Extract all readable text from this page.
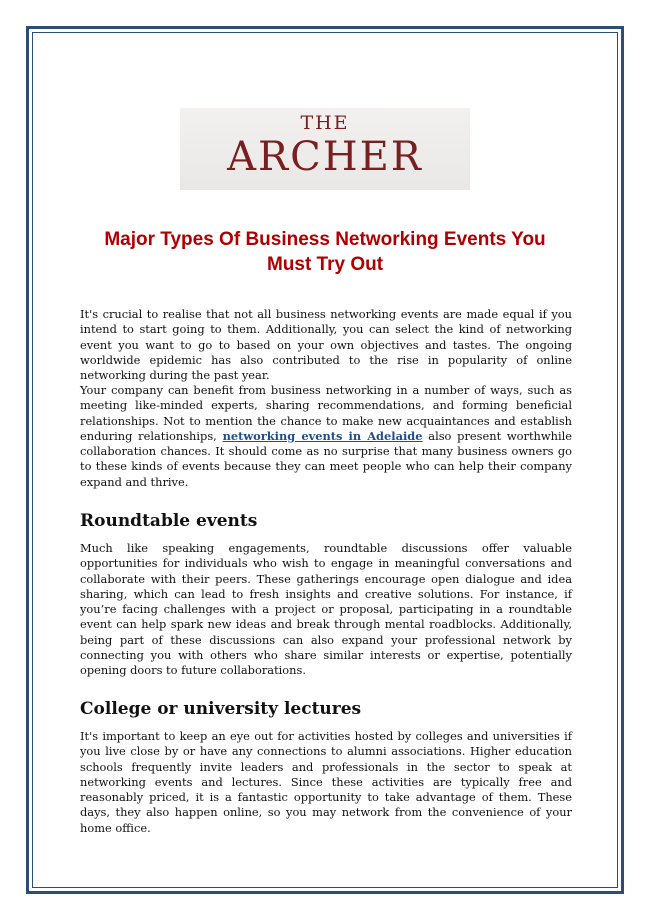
THE
ARCHER
Major Types Of Business Networking Events You Must Try Out

It's crucial to realise that not all business networking events are made equal if you intend to start going to them. Additionally, you can select the kind of networking event you want to go to based on your own objectives and tastes. The ongoing worldwide epidemic has also contributed to the rise in popularity of online networking during the past year.

Your company can benefit from business networking in a number of ways, such as meeting like-minded experts, sharing recommendations, and forming beneficial relationships. Not to mention the chance to make new acquaintances and establish enduring relationships, networking events in Adelaide also present worthwhile collaboration chances. It should come as no surprise that many business owners go to these kinds of events because they can meet people who can help their company expand and thrive.

Roundtable events

Much like speaking engagements, roundtable discussions offer valuable opportunities for individuals who wish to engage in meaningful conversations and collaborate with their peers. These gatherings encourage open dialogue and idea sharing, which can lead to fresh insights and creative solutions. For instance, if you’re facing challenges with a project or proposal, participating in a roundtable event can help spark new ideas and break through mental roadblocks. Additionally, being part of these discussions can also expand your professional network by connecting you with others who share similar interests or expertise, potentially opening doors to future collaborations.

College or university lectures

It's important to keep an eye out for activities hosted by colleges and universities if you live close by or have any connections to alumni associations. Higher education schools frequently invite leaders and professionals in the sector to speak at networking events and lectures. Since these activities are typically free and reasonably priced, it is a fantastic opportunity to take advantage of them. These days, they also happen online, so you may network from the convenience of your home office.
